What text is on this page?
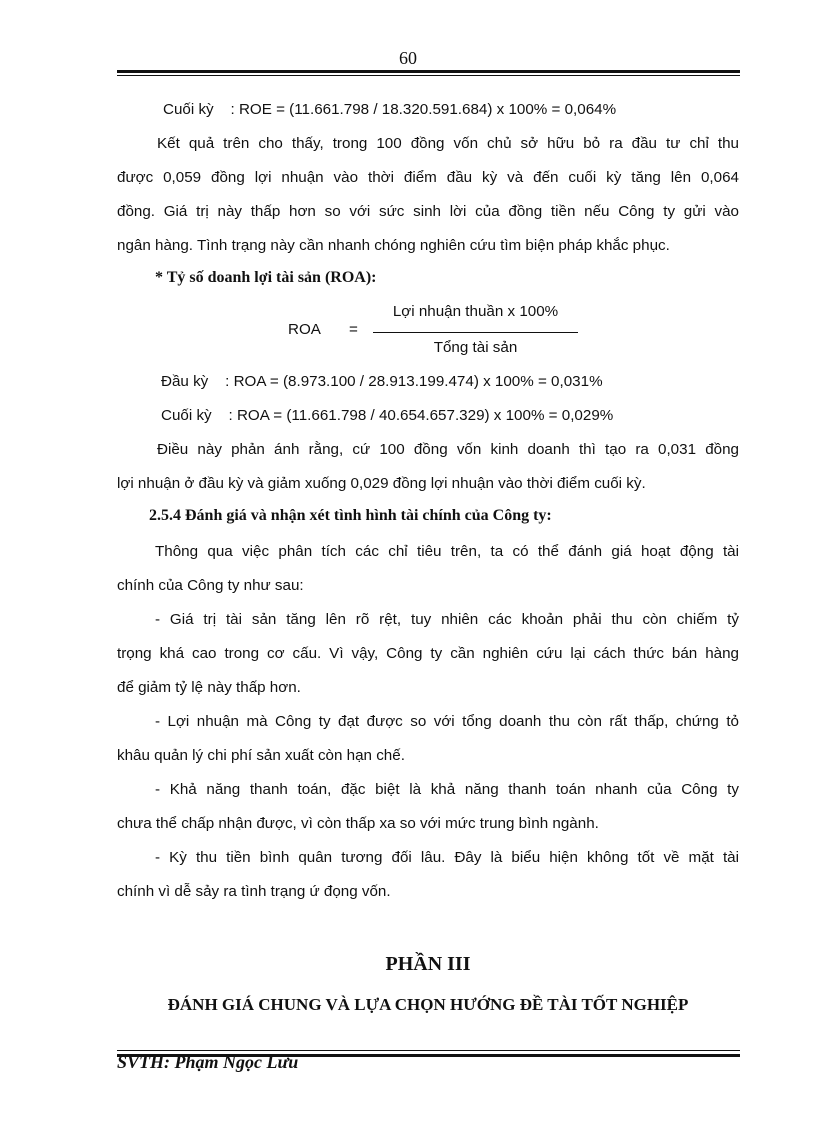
60

Cuối kỳ    : ROE = (11.661.798 / 18.320.591.684) x 100% = 0,064%

Kết quả trên cho thấy, trong 100 đồng vốn chủ sở hữu bỏ ra đầu tư chỉ thu

được 0,059 đồng lợi nhuận vào thời điểm đầu kỳ và đến cuối kỳ tăng lên 0,064

đồng. Giá trị này thấp hơn so với sức sinh lời của đồng tiền nếu Công ty gửi vào

ngân hàng. Tình trạng này cần nhanh chóng nghiên cứu tìm biện pháp khắc phục.

* Tỷ số doanh lợi tài sản (ROA):

ROA	=
Lợi nhuận thuần x 100%
Tổng tài sản

Đầu kỳ    : ROA = (8.973.100 / 28.913.199.474) x 100% = 0,031%

Cuối kỳ    : ROA = (11.661.798 / 40.654.657.329) x 100% = 0,029%

Điều này phản ánh rằng, cứ 100 đồng vốn kinh doanh thì tạo ra 0,031 đồng

lợi nhuận ở đầu kỳ và giảm xuống 0,029 đồng lợi nhuận vào thời điểm cuối kỳ.

2.5.4 Đánh giá và nhận xét tình hình tài chính của Công ty:

Thông qua việc phân tích các chỉ tiêu trên, ta có thể đánh giá hoạt động tài

chính của Công ty như sau:

- Giá trị tài sản tăng lên rõ rệt, tuy nhiên các khoản phải thu còn chiếm tỷ

trọng khá cao trong cơ cấu. Vì vậy, Công ty cần nghiên cứu lại cách thức bán hàng

để giảm tỷ lệ này thấp hơn.

- Lợi nhuận mà Công ty đạt được so với tổng doanh thu còn rất thấp, chứng tỏ

khâu quản lý chi phí sản xuất còn hạn chế.

- Khả năng thanh toán, đặc biệt là khả năng thanh toán nhanh của Công ty

chưa thể chấp nhận được, vì còn thấp xa so với mức trung bình ngành.

- Kỳ thu tiền bình quân tương đối lâu. Đây là biểu hiện không tốt về mặt tài

chính vì dễ sảy ra tình trạng ứ đọng vốn.

PHẦN III

ĐÁNH GIÁ CHUNG VÀ LỰA CHỌN HƯỚNG ĐỀ TÀI TỐT NGHIỆP

SVTH: Phạm Ngọc Lưu
